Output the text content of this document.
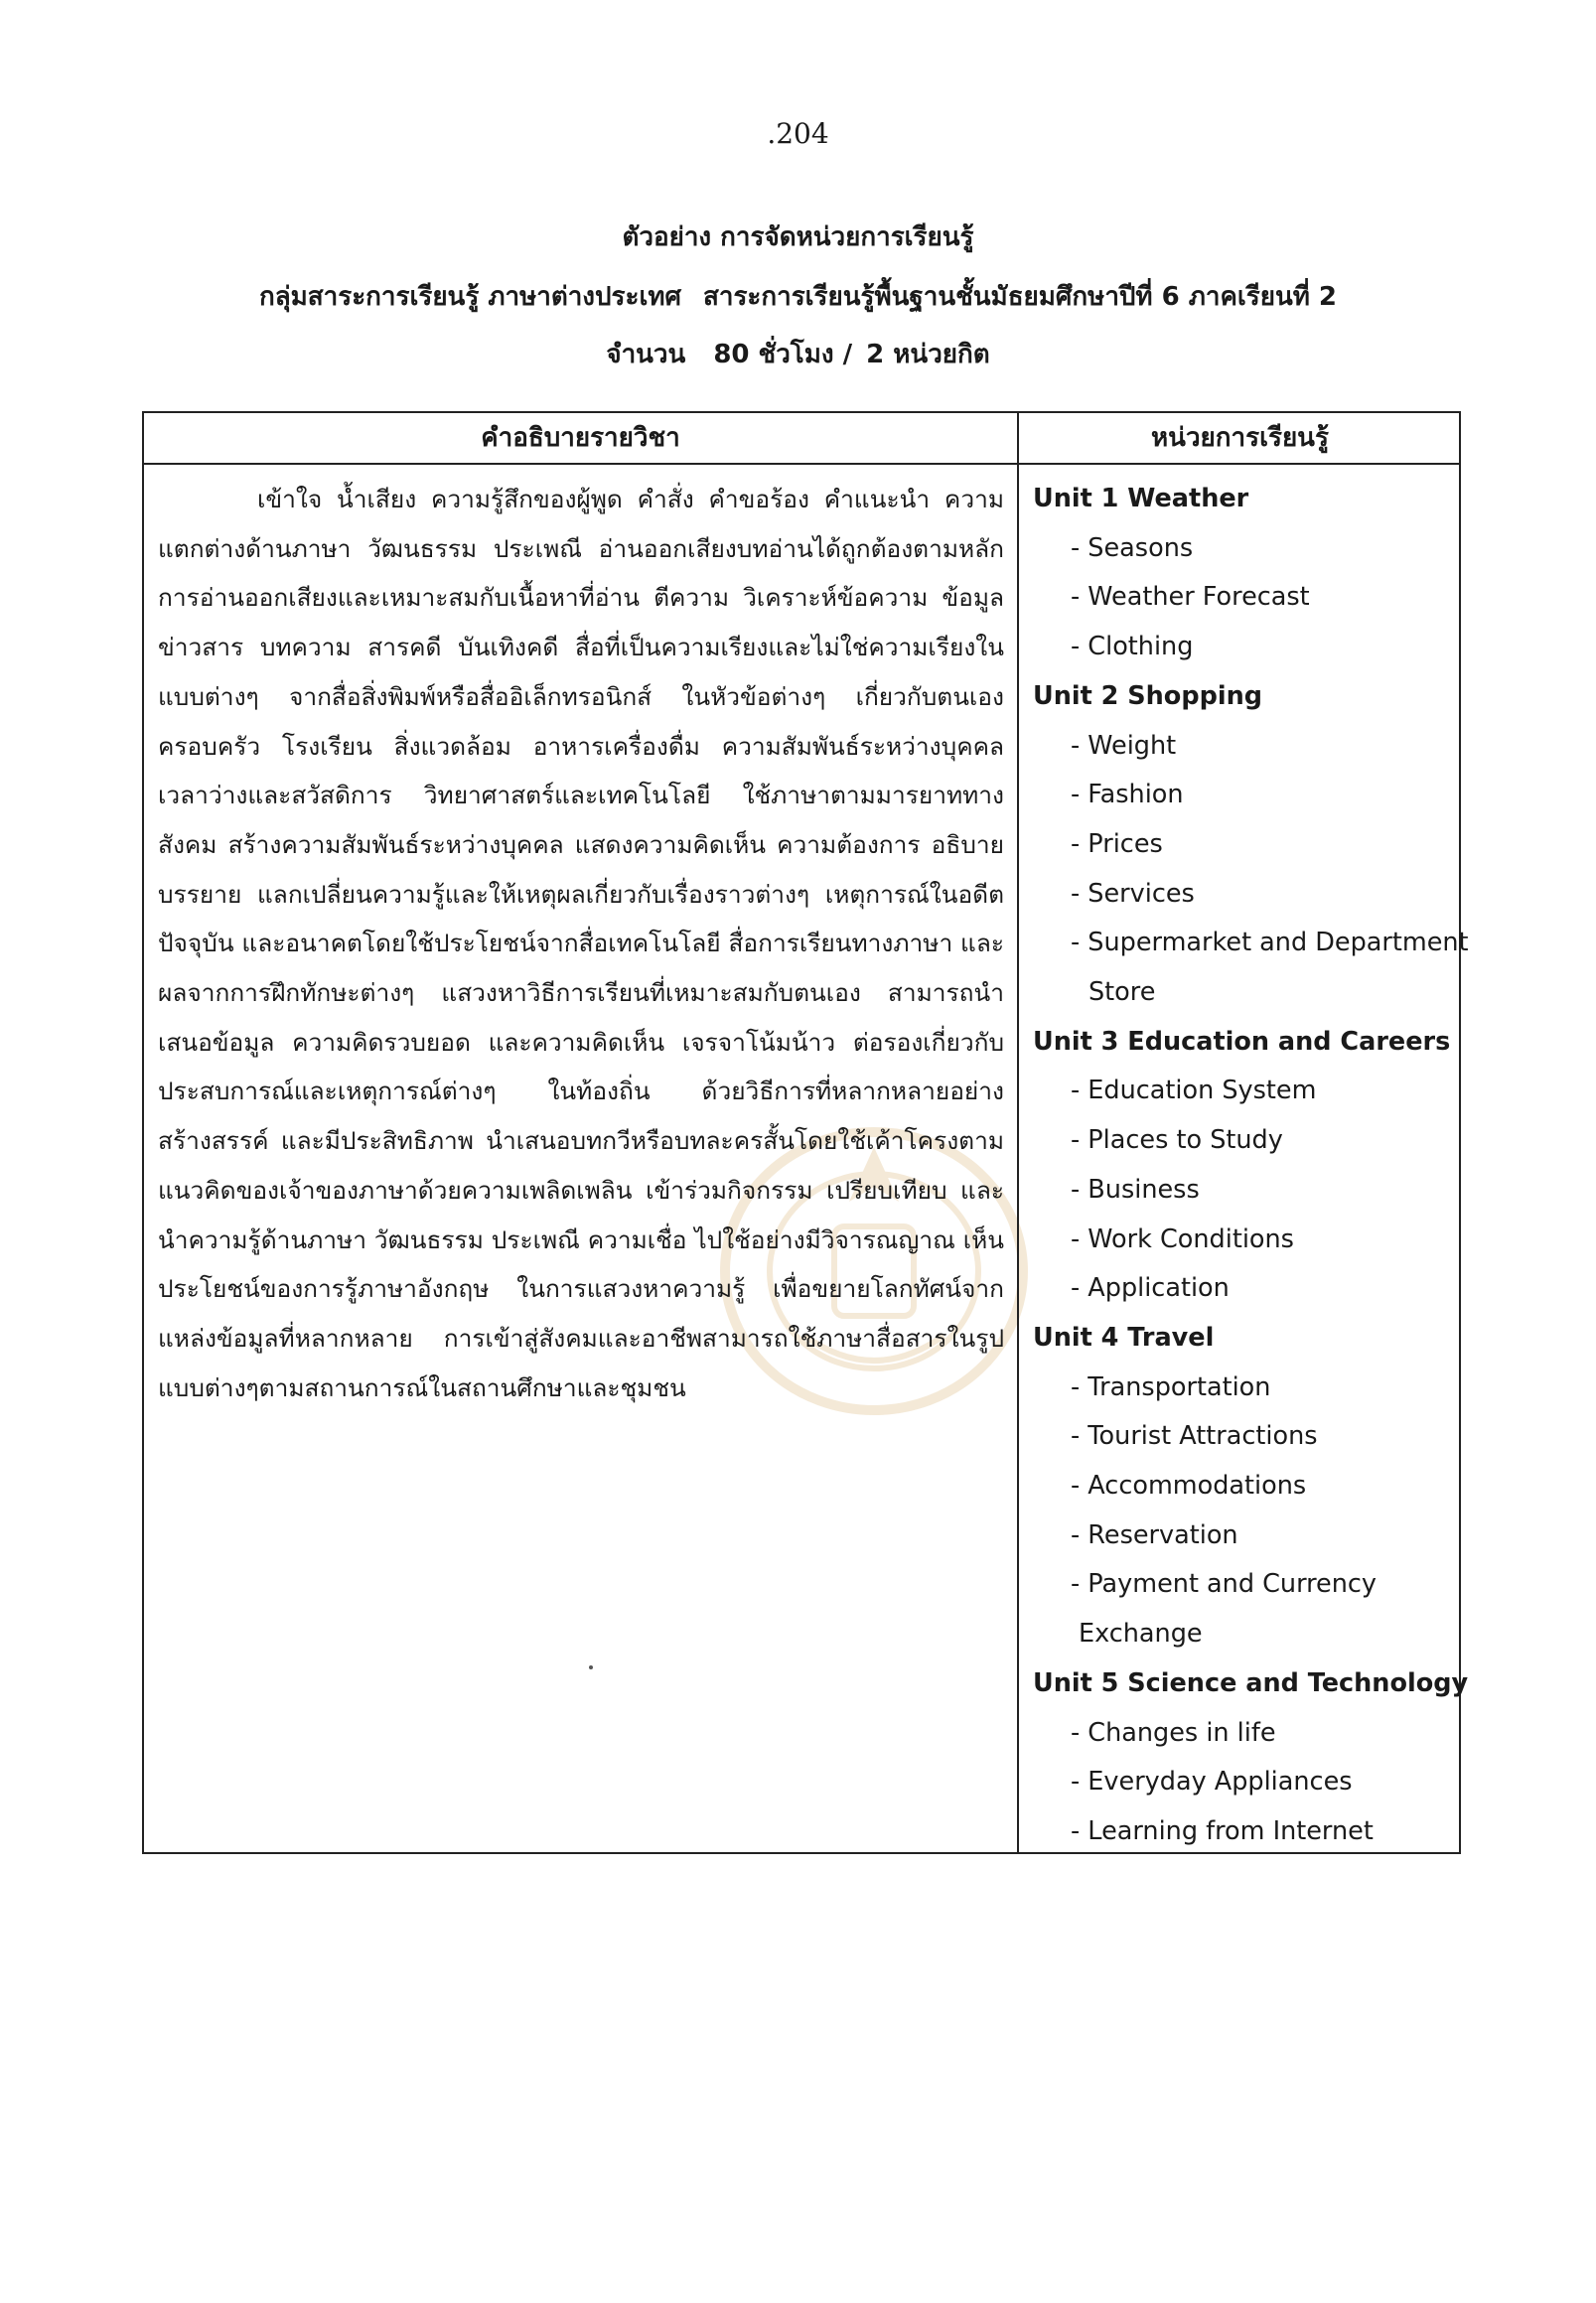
.204
ตัวอย่าง การจัดหน่วยการเรียนรู้
กลุ่มสาระการเรียนรู้ ภาษาต่างประเทศ สาระการเรียนรู้พื้นฐานชั้นมัธยมศึกษาปีที่ 6 ภาคเรียนที่ 2
จำนวน 80 ชั่วโมง / 2 หน่วยกิต
คำอธิบายรายวิชา	หน่วยการเรียนรู้

เข้าใจ น้ำเสียง ความรู้สึกของผู้พูด คำสั่ง คำขอร้อง คำแนะนำ ความแตกต่างด้านภาษา วัฒนธรรม ประเพณี อ่านออกเสียงบทอ่านได้ถูกต้องตามหลักการอ่านออกเสียงและเหมาะสมกับเนื้อหาที่อ่าน ตีความ วิเคราะห์ข้อความ ข้อมูล ข่าวสาร บทความ สารคดี บันเทิงคดี สื่อที่เป็นความเรียงและไม่ใช่ความเรียงในแบบต่างๆ จากสื่อสิ่งพิมพ์หรือสื่ออิเล็กทรอนิกส์ ในหัวข้อต่างๆ เกี่ยวกับตนเอง ครอบครัว โรงเรียน สิ่งแวดล้อม อาหารเครื่องดื่ม ความสัมพันธ์ระหว่างบุคคล เวลาว่างและสวัสดิการ วิทยาศาสตร์และเทคโนโลยี ใช้ภาษาตามมารยาททางสังคม สร้างความสัมพันธ์ระหว่างบุคคล แสดงความคิดเห็น ความต้องการ อธิบาย บรรยาย แลกเปลี่ยนความรู้และให้เหตุผลเกี่ยวกับเรื่องราวต่างๆ เหตุการณ์ในอดีต ปัจจุบัน และอนาคตโดยใช้ประโยชน์จากสื่อเทคโนโลยี สื่อการเรียนทางภาษา และผลจากการฝึกทักษะต่างๆ แสวงหาวิธีการเรียนที่เหมาะสมกับตนเอง สามารถนำเสนอข้อมูล ความคิดรวบยอด และความคิดเห็น เจรจาโน้มน้าว ต่อรองเกี่ยวกับประสบการณ์และเหตุการณ์ต่างๆ ในท้องถิ่น ด้วยวิธีการที่หลากหลายอย่างสร้างสรรค์ และมีประสิทธิภาพ นำเสนอบทกวีหรือบทละครสั้นโดยใช้เค้าโครงตามแนวคิดของเจ้าของภาษาด้วยความเพลิดเพลิน เข้าร่วมกิจกรรม เปรียบเทียบ และนำความรู้ด้านภาษา วัฒนธรรม ประเพณี ความเชื่อ ไปใช้อย่างมีวิจารณญาณ เห็นประโยชน์ของการรู้ภาษาอังกฤษ ในการแสวงหาความรู้ เพื่อขยายโลกทัศน์จากแหล่งข้อมูลที่หลากหลาย การเข้าสู่สังคมและอาชีพสามารถใช้ภาษาสื่อสารในรูปแบบต่างๆตามสถานการณ์ในสถานศึกษาและชุมชน

Unit 1 Weather
- Seasons
- Weather Forecast
- Clothing
Unit 2 Shopping
- Weight
- Fashion
- Prices
- Services
- Supermarket and Department
Store
Unit 3 Education and Careers
- Education System
- Places to Study
- Business
- Work Conditions
- Application
Unit 4 Travel
- Transportation
- Tourist Attractions
- Accommodations
- Reservation
- Payment and Currency
Exchange
Unit 5 Science and Technology
- Changes in life
- Everyday Appliances
- Learning from Internet
